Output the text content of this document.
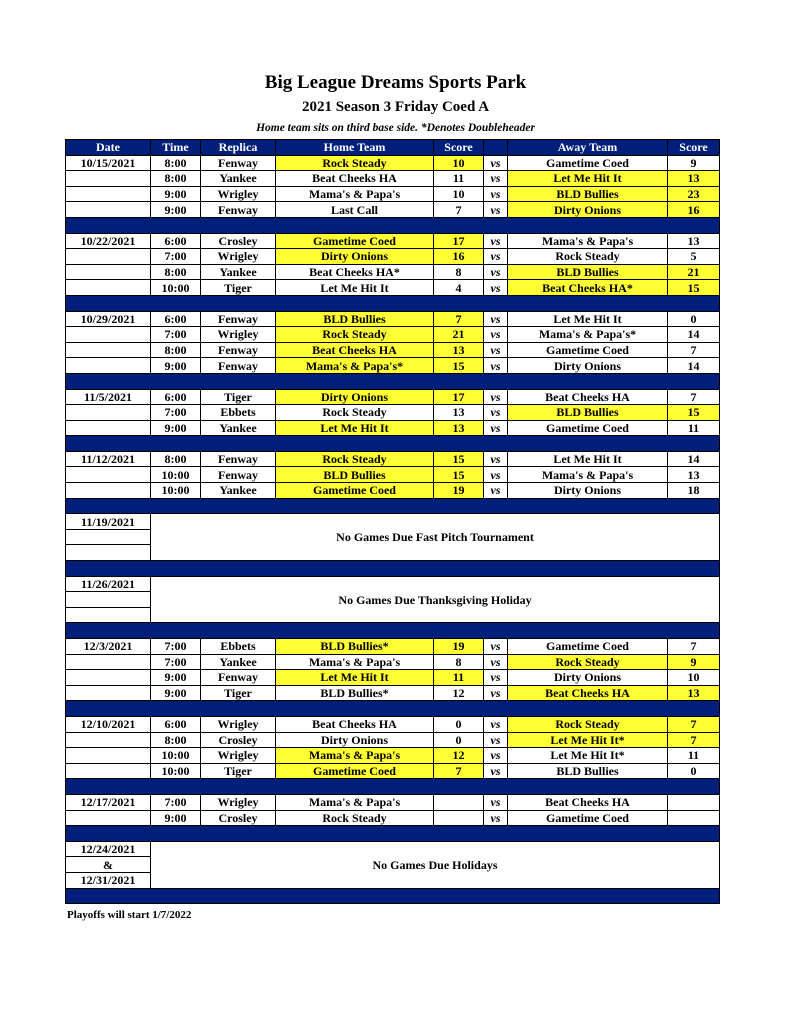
Big League Dreams Sports Park
2021 Season 3 Friday Coed A
Home team sits on third base side. *Denotes Doubleheader
Date	Time	Replica	Home Team	Score		Away Team	Score
10/15/2021	8:00	Fenway	Rock Steady	10	vs	Gametime Coed	9
	8:00	Yankee	Beat Cheeks HA	11	vs	Let Me Hit It	13
	9:00	Wrigley	Mama's & Papa's	10	vs	BLD Bullies	23
	9:00	Fenway	Last Call	7	vs	Dirty Onions	16

10/22/2021	6:00	Crosley	Gametime Coed	17	vs	Mama's & Papa's	13
	7:00	Wrigley	Dirty Onions	16	vs	Rock Steady	5
	8:00	Yankee	Beat Cheeks HA*	8	vs	BLD Bullies	21
	10:00	Tiger	Let Me Hit It	4	vs	Beat Cheeks HA*	15

10/29/2021	6:00	Fenway	BLD Bullies	7	vs	Let Me Hit It	0
	7:00	Wrigley	Rock Steady	21	vs	Mama's & Papa's*	14
	8:00	Fenway	Beat Cheeks HA	13	vs	Gametime Coed	7
	9:00	Fenway	Mama's & Papa's*	15	vs	Dirty Onions	14

11/5/2021	6:00	Tiger	Dirty Onions	17	vs	Beat Cheeks HA	7
	7:00	Ebbets	Rock Steady	13	vs	BLD Bullies	15
	9:00	Yankee	Let Me Hit It	13	vs	Gametime Coed	11

11/12/2021	8:00	Fenway	Rock Steady	15	vs	Let Me Hit It	14
	10:00	Fenway	BLD Bullies	15	vs	Mama's & Papa's	13
	10:00	Yankee	Gametime Coed	19	vs	Dirty Onions	18

11/19/2021	No Games Due Fast Pitch Tournament						

11/26/2021	No Games Due Thanksgiving Holiday						

12/3/2021	7:00	Ebbets	BLD Bullies*	19	vs	Gametime Coed	7
	7:00	Yankee	Mama's & Papa's	8	vs	Rock Steady	9
	9:00	Fenway	Let Me Hit It	11	vs	Dirty Onions	10
	9:00	Tiger	BLD Bullies*	12	vs	Beat Cheeks HA	13

12/10/2021	6:00	Wrigley	Beat Cheeks HA	0	vs	Rock Steady	7
	8:00	Crosley	Dirty Onions	0	vs	Let Me Hit It*	7
	10:00	Wrigley	Mama's & Papa's	12	vs	Let Me Hit It*	11
	10:00	Tiger	Gametime Coed	7	vs	BLD Bullies	0

12/17/2021	7:00	Wrigley	Mama's & Papa's		vs	Beat Cheeks HA	
	9:00	Crosley	Rock Steady		vs	Gametime Coed	

12/24/2021	No Games Due Holidays						
&							
12/31/2021							

Playoffs will start 1/7/2022
